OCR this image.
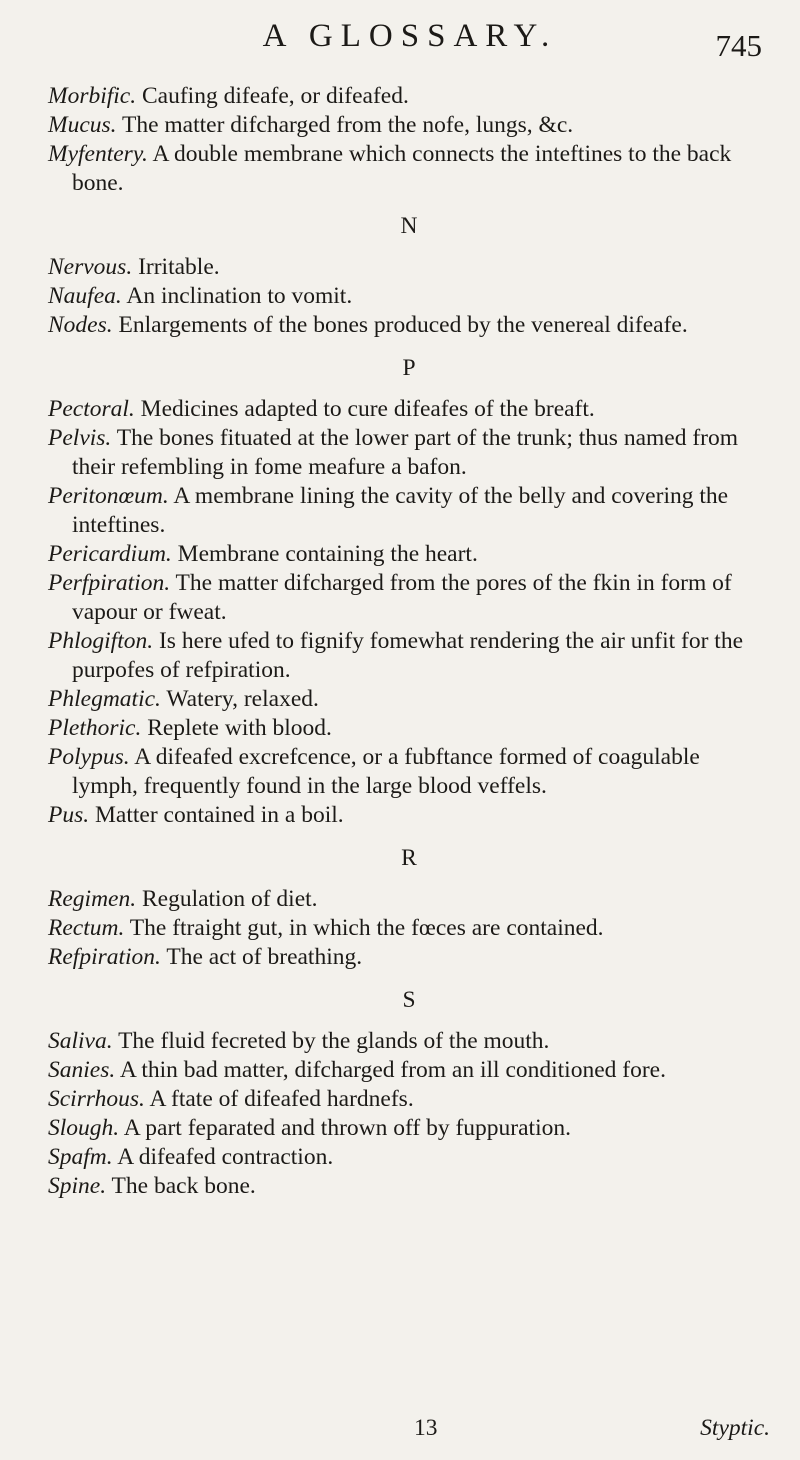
A GLOSSARY.	745

Morbific. Caufing difeafe, or difeafed.

Mucus. The matter difcharged from the nofe, lungs, &c.

Myfentery. A double membrane which connects the inteftines to the back bone.

N

Nervous. Irritable.

Naufea. An inclination to vomit.

Nodes. Enlargements of the bones produced by the venereal difeafe.

P

Pectoral. Medicines adapted to cure difeafes of the breaft.

Pelvis. The bones fituated at the lower part of the trunk; thus named from their refembling in fome meafure a bafon.

Peritonœum. A membrane lining the cavity of the belly and covering the inteftines.

Pericardium. Membrane containing the heart.

Perfpiration. The matter difcharged from the pores of the fkin in form of vapour or fweat.

Phlogifton. Is here ufed to fignify fomewhat rendering the air unfit for the purpofes of refpiration.

Phlegmatic. Watery, relaxed.

Plethoric. Replete with blood.

Polypus. A difeafed excrefcence, or a fubftance formed of coagulable lymph, frequently found in the large blood veffels.

Pus. Matter contained in a boil.

R

Regimen. Regulation of diet.

Rectum. The ftraight gut, in which the fœces are contained.

Refpiration. The act of breathing.

S

Saliva. The fluid fecreted by the glands of the mouth.

Sanies. A thin bad matter, difcharged from an ill conditioned fore.

Scirrhous. A ftate of difeafed hardnefs.

Slough. A part feparated and thrown off by fuppuration.

Spafm. A difeafed contraction.

Spine. The back bone.

13	Styptic.
